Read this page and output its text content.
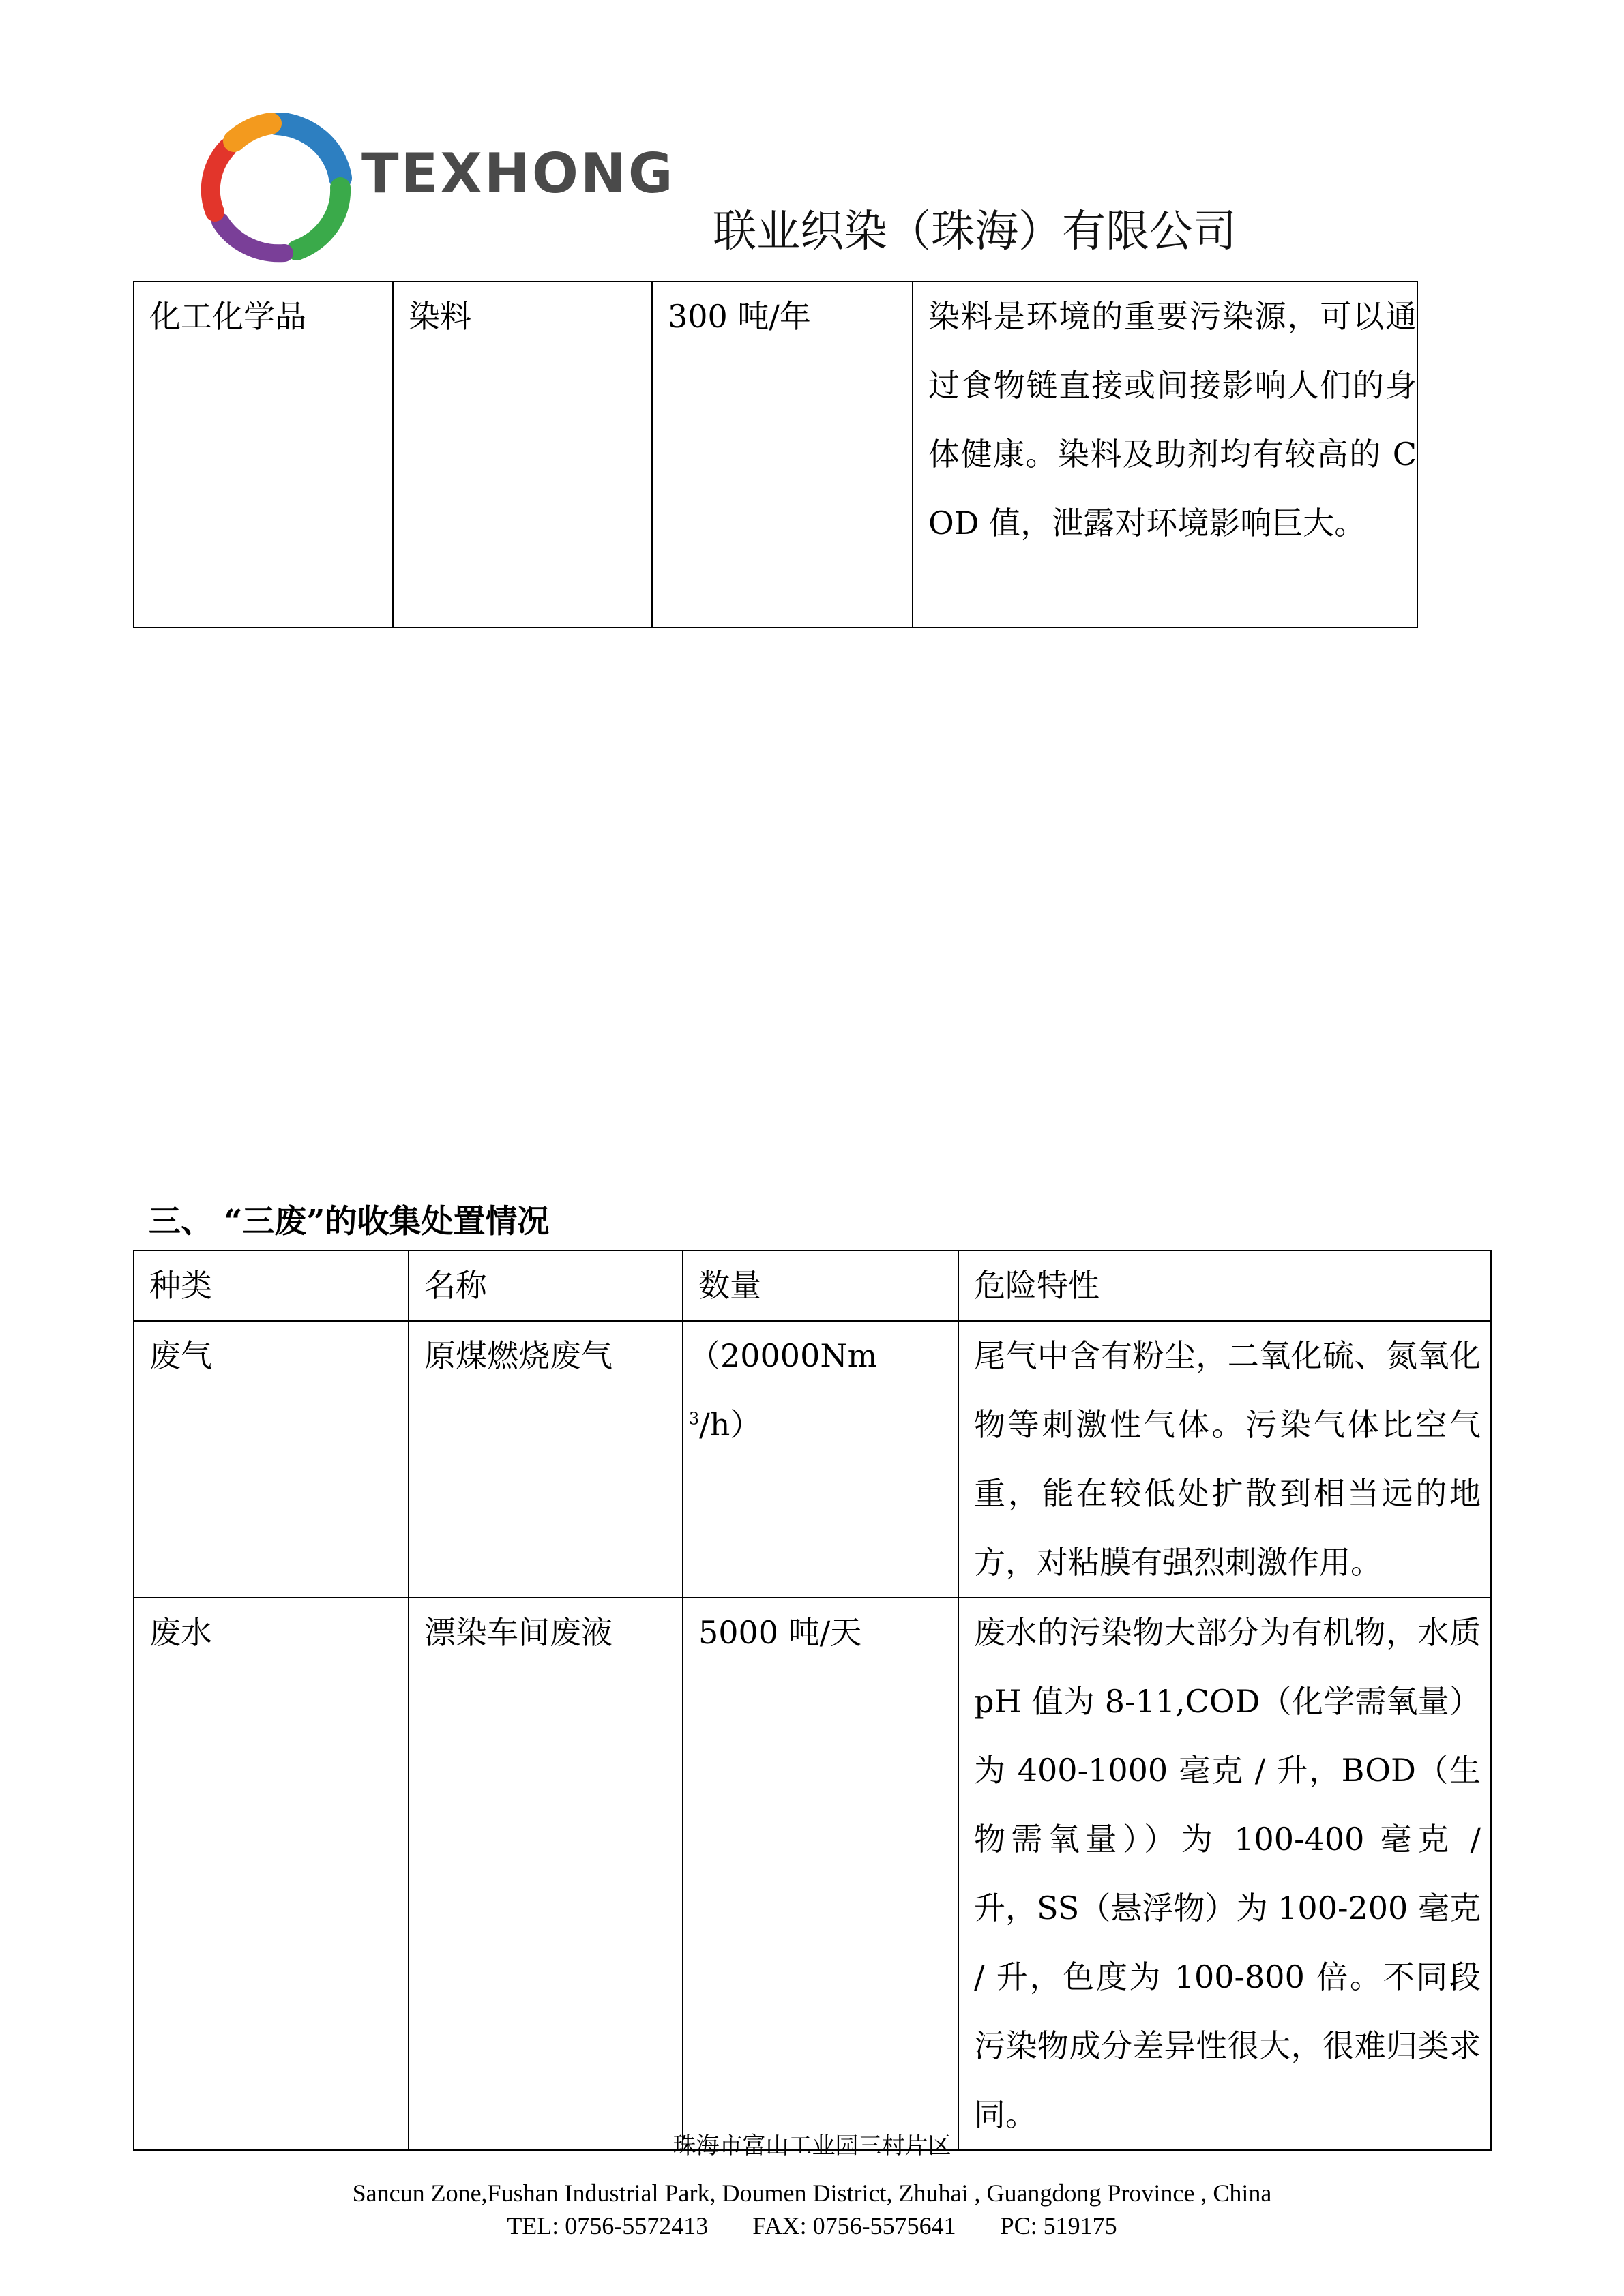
TEXHONG
联业织染（珠海）有限公司
化工化学品	染料	300 吨/年	染料是环境的重要污染源，可以通过食物链直接或间接影响人们的身体健康。染料及助剂均有较高的 COD 值，泄露对环境影响巨大。
三、 “三废”的收集处置情况
种类	名称	数量	危险特性
废气	原煤燃烧废气	（20000Nm$^3$/h）	尾气中含有粉尘，二氧化硫、氮氧化物等刺激性气体。污染气体比空气重，能在较低处扩散到相当远的地方，对粘膜有强烈刺激作用。
废水	漂染车间废液	5000 吨/天	废水的污染物大部分为有机物，水质 pH 值为 8-11,COD（化学需氧量）为 400-1000 毫克 / 升，BOD（生物需氧量））为 100-400 毫克 / 升，SS（悬浮物）为 100-200 毫克 / 升，色度为 100-800 倍。不同段污染物成分差异性很大，很难归类求同。
珠海市富山工业园三村片区
Sancun Zone,Fushan Industrial Park, Doumen District, Zhuhai , Guangdong Province , China
TEL: 0756-5572413 FAX: 0756-5575641 PC: 519175
